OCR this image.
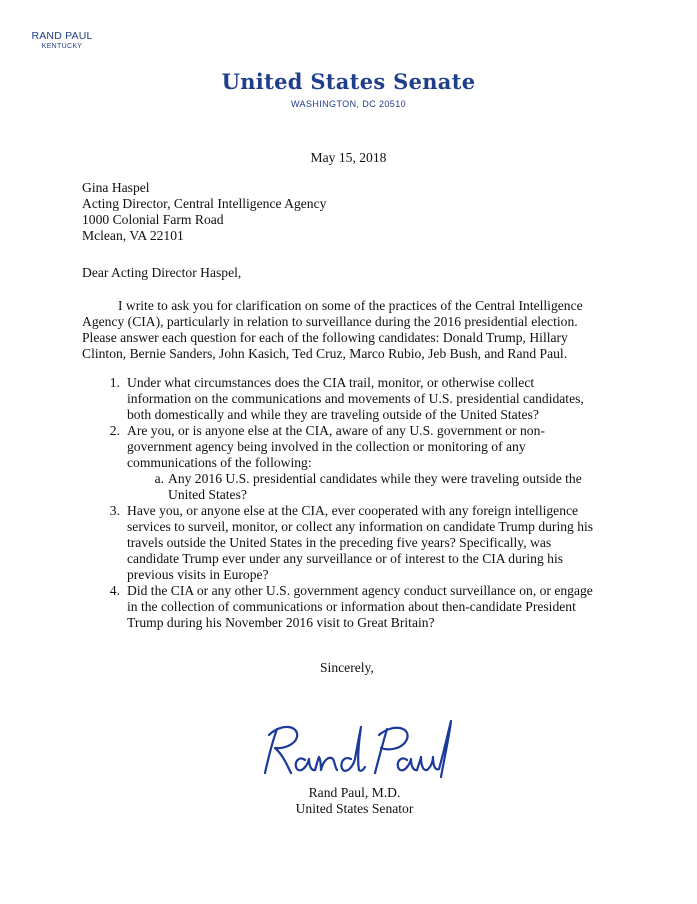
RAND PAUL
KENTUCKY
United States Senate
WASHINGTON, DC 20510
May 15, 2018
Gina Haspel
Acting Director, Central Intelligence Agency
1000 Colonial Farm Road
Mclean, VA 22101
Dear Acting Director Haspel,
I write to ask you for clarification on some of the practices of the Central Intelligence
Agency (CIA), particularly in relation to surveillance during the 2016 presidential election.
Please answer each question for each of the following candidates: Donald Trump, Hillary
Clinton, Bernie Sanders, John Kasich, Ted Cruz, Marco Rubio, Jeb Bush, and Rand Paul.
1. Under what circumstances does the CIA trail, monitor, or otherwise collect
information on the communications and movements of U.S. presidential candidates,
both domestically and while they are traveling outside of the United States?
2. Are you, or is anyone else at the CIA, aware of any U.S. government or non-
government agency being involved in the collection or monitoring of any
communications of the following:
a. Any 2016 U.S. presidential candidates while they were traveling outside the
United States?
3. Have you, or anyone else at the CIA, ever cooperated with any foreign intelligence
services to surveil, monitor, or collect any information on candidate Trump during his
travels outside the United States in the preceding five years? Specifically, was
candidate Trump ever under any surveillance or of interest to the CIA during his
previous visits in Europe?
4. Did the CIA or any other U.S. government agency conduct surveillance on, or engage
in the collection of communications or information about then-candidate President
Trump during his November 2016 visit to Great Britain?
Sincerely,
Rand Paul, M.D.
United States Senator
